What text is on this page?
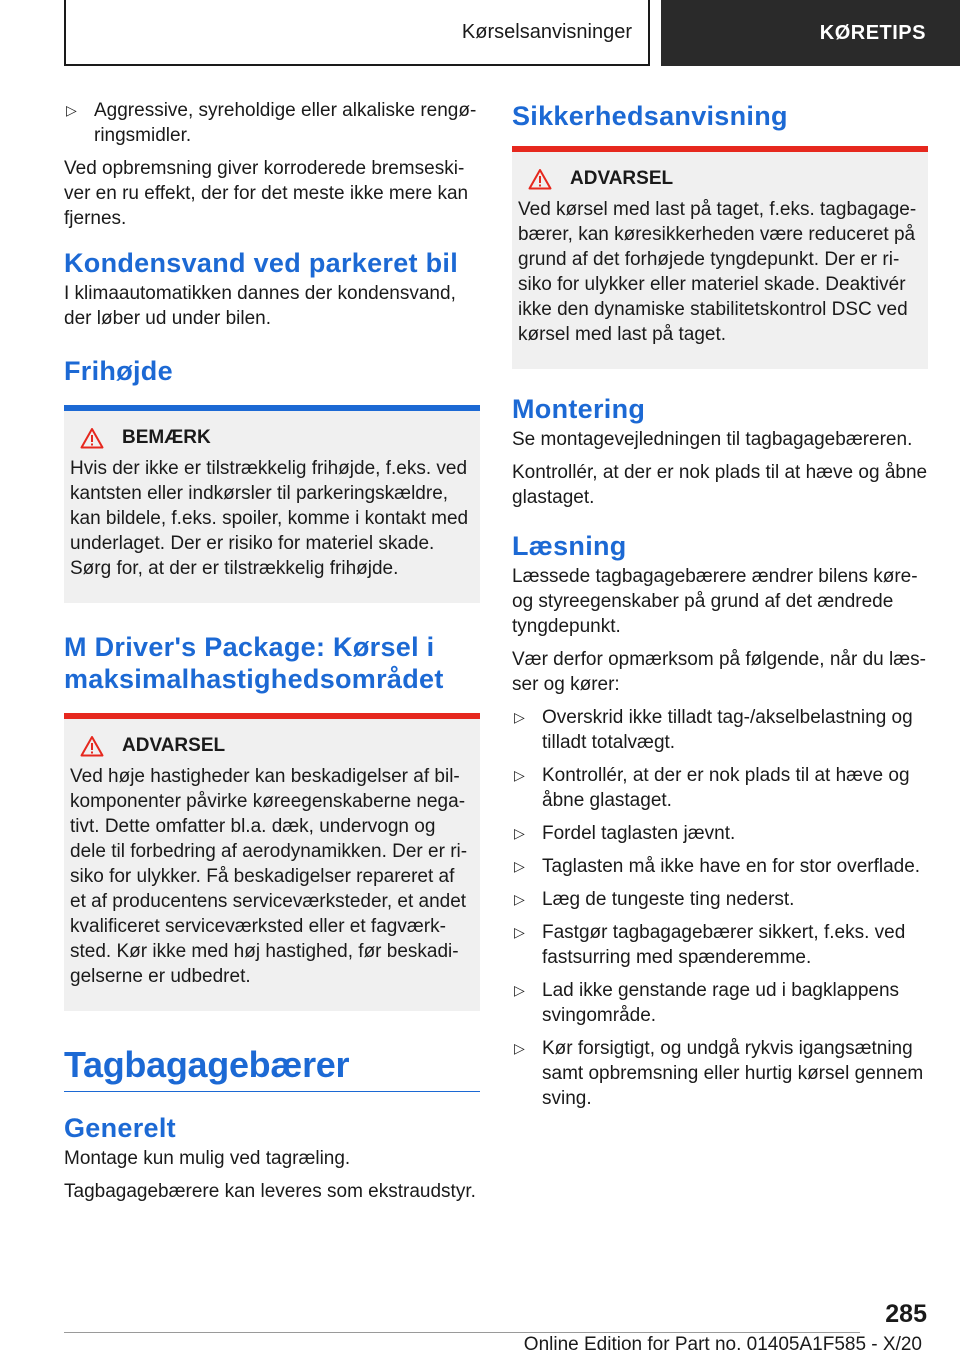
Kørselsanvisninger	KØRETIPS
▷ Aggressive, syreholdige eller alkaliske rengøringsmidler.

Ved opbremsning giver korroderede bremseskiver en ru effekt, der for det meste ikke mere kan fjernes.

Kondensvand ved parkeret bil

I klimaautomatikken dannes der kondensvand, der løber ud under bilen.

Frihøjde
BEMÆRK
Hvis der ikke er tilstrækkelig frihøjde, f.eks. ved kantsten eller indkørsler til parkeringskældre, kan bildele, f.eks. spoiler, komme i kontakt med underlaget. Der er risiko for materiel skade. Sørg for, at der er tilstrækkelig frihøjde.
M Driver's Package: Kørsel i maksimalhastighedsområdet
ADVARSEL
Ved høje hastigheder kan beskadigelser af bilkomponenter påvirke køreegenskaberne negativt. Dette omfatter bl.a. dæk, undervogn og dele til forbedring af aerodynamikken. Der er risiko for ulykker. Få beskadigelser repareret af et af producentens serviceværksteder, et andet kvalificeret serviceværksted eller et fagværksted. Kør ikke med høj hastighed, før beskadigelserne er udbedret.
Tagbagagebærer
Generelt

Montage kun mulig ved tagræling.

Tagbagagebærere kan leveres som ekstraudstyr.

Sikkerhedsanvisning
ADVARSEL
Ved kørsel med last på taget, f.eks. tagbagagebærer, kan køresikkerheden være reduceret på grund af det forhøjede tyngdepunkt. Der er risiko for ulykker eller materiel skade. Deaktivér ikke den dynamiske stabilitetskontrol DSC ved kørsel med last på taget.
Montering

Se montagevejledningen til tagbagagebæreren.

Kontrollér, at der er nok plads til at hæve og åbne glastaget.

Læsning

Læssede tagbagagebærere ændrer bilens køre- og styreegenskaber på grund af det ændrede tyngdepunkt.

Vær derfor opmærksom på følgende, når du læsser og kører:

▷ Overskrid ikke tilladt tag-/akselbelastning og tilladt totalvægt.
▷ Kontrollér, at der er nok plads til at hæve og åbne glastaget.
▷ Fordel taglasten jævnt.
▷ Taglasten må ikke have en for stor overflade.
▷ Læg de tungeste ting nederst.
▷ Fastgør tagbagagebærer sikkert, f.eks. ved fastsurring med spænderemme.
▷ Lad ikke genstande rage ud i bagklappens svingområde.
▷ Kør forsigtigt, og undgå rykvis igangsætning samt opbremsning eller hurtig kørsel gennem sving.
285
Online Edition for Part no. 01405A1F585 - X/20
